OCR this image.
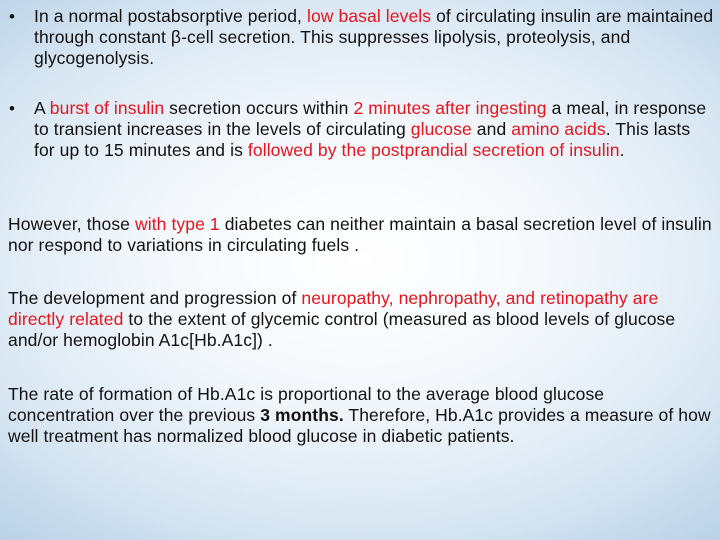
• In a normal postabsorptive period, low basal levels of circulating insulin are maintained through constant β-cell secretion. This suppresses lipolysis, proteolysis, and glycogenolysis.
• A burst of insulin secretion occurs within 2 minutes after ingesting a meal, in response to transient increases in the levels of circulating glucose and amino acids. This lasts for up to 15 minutes and is followed by the postprandial secretion of insulin.
However, those with type 1 diabetes can neither maintain a basal secretion level of insulin nor respond to variations in circulating fuels .
The development and progression of neuropathy, nephropathy, and retinopathy are directly related to the extent of glycemic control (measured as blood levels of glucose and/or hemoglobin A1c[Hb.A1c]) .
The rate of formation of Hb.A1c is proportional to the average blood glucose concentration over the previous 3 months. Therefore, Hb.A1c provides a measure of how well treatment has normalized blood glucose in diabetic patients.
